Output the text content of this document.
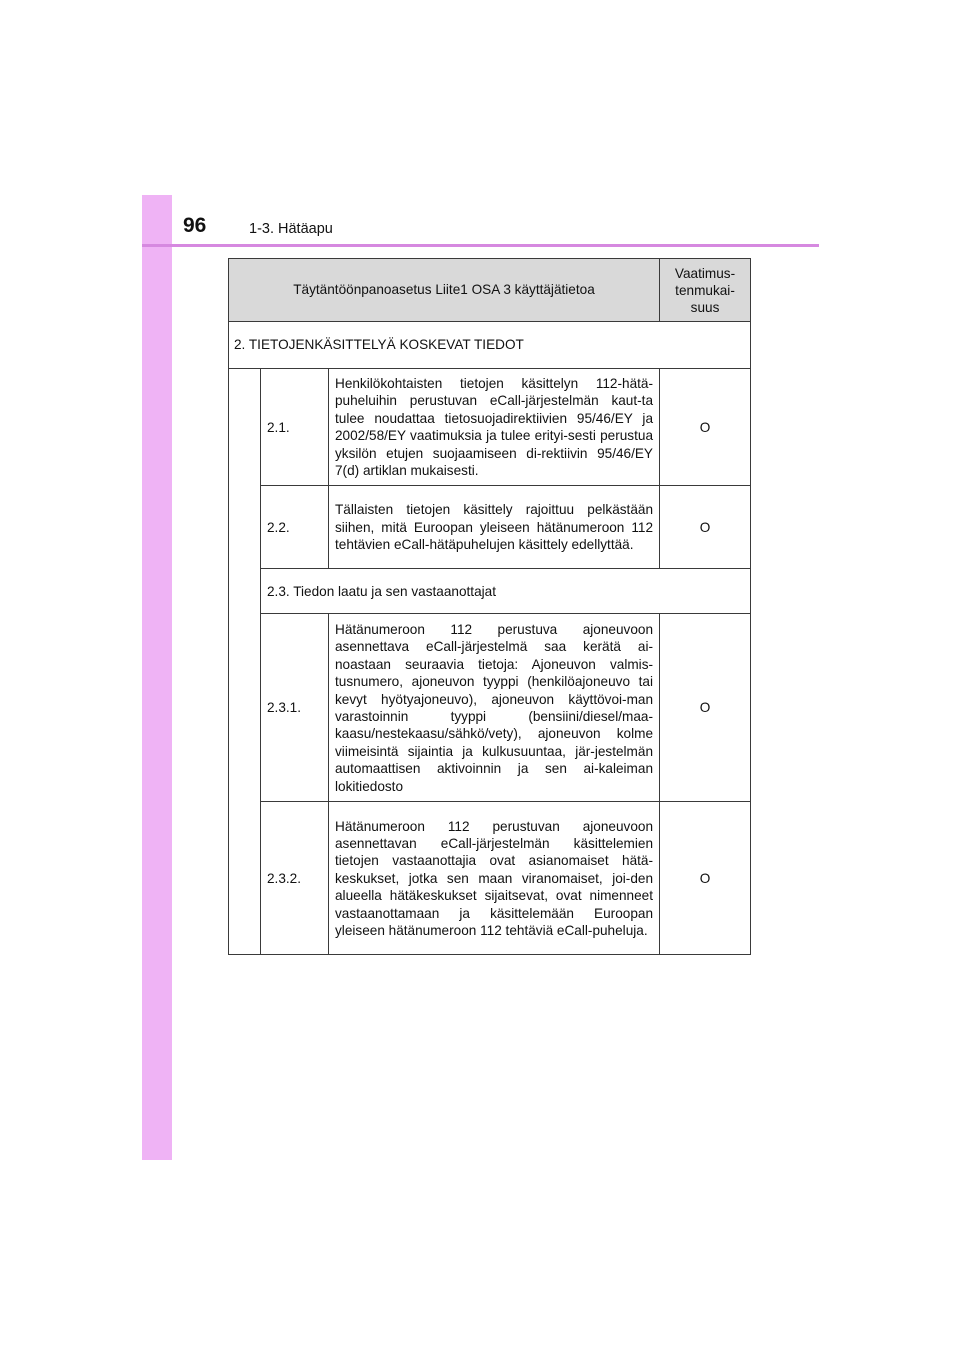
96	1-3. Hätäapu
Täytäntöönpanoasetus Liite1 OSA 3 käyttäjätietoa			Vaatimus-
tenmukai-
suus
2. TIETOJENKÄSITTELYÄ KOSKEVAT TIEDOT			
	2.1.	Henkilökohtaisten tietojen käsittelyn 112-hätä-puheluihin perustuvan eCall-järjestelmän kaut-ta tulee noudattaa tietosuojadirektiivien 95/46/EY ja 2002/58/EY vaatimuksia ja tulee erityi-sesti perustua yksilön etujen suojaamiseen di-rektiivin 95/46/EY 7(d) artiklan mukaisesti.	O
	2.2.	Tällaisten tietojen käsittely rajoittuu pelkästään siihen, mitä Euroopan yleiseen hätänumeroon 112 tehtävien eCall-hätäpuhelujen käsittely edellyttää.	O
	2.3. Tiedon laatu ja sen vastaanottajat		
	2.3.1.	Hätänumeroon 112 perustuva ajoneuvoon asennettava eCall-järjestelmä saa kerätä ai-noastaan seuraavia tietoja: Ajoneuvon valmis-tusnumero, ajoneuvon tyyppi (henkilöajoneuvo tai kevyt hyötyajoneuvo), ajoneuvon käyttövoi-man varastoinnin tyyppi (bensiini/diesel/maa-kaasu/nestekaasu/sähkö/vety), ajoneuvon kolme viimeisintä sijaintia ja kulkusuuntaa, jär-jestelmän automaattisen aktivoinnin ja sen ai-kaleiman lokitiedosto	O
	2.3.2.	Hätänumeroon 112 perustuvan ajoneuvoon asennettavan eCall-järjestelmän käsittelemien tietojen vastaanottajia ovat asianomaiset hätä-keskukset, jotka sen maan viranomaiset, joi-den alueella hätäkeskukset sijaitsevat, ovat nimenneet vastaanottamaan ja käsittelemään Euroopan yleiseen hätänumeroon 112 tehtäviä eCall-puheluja.	O
